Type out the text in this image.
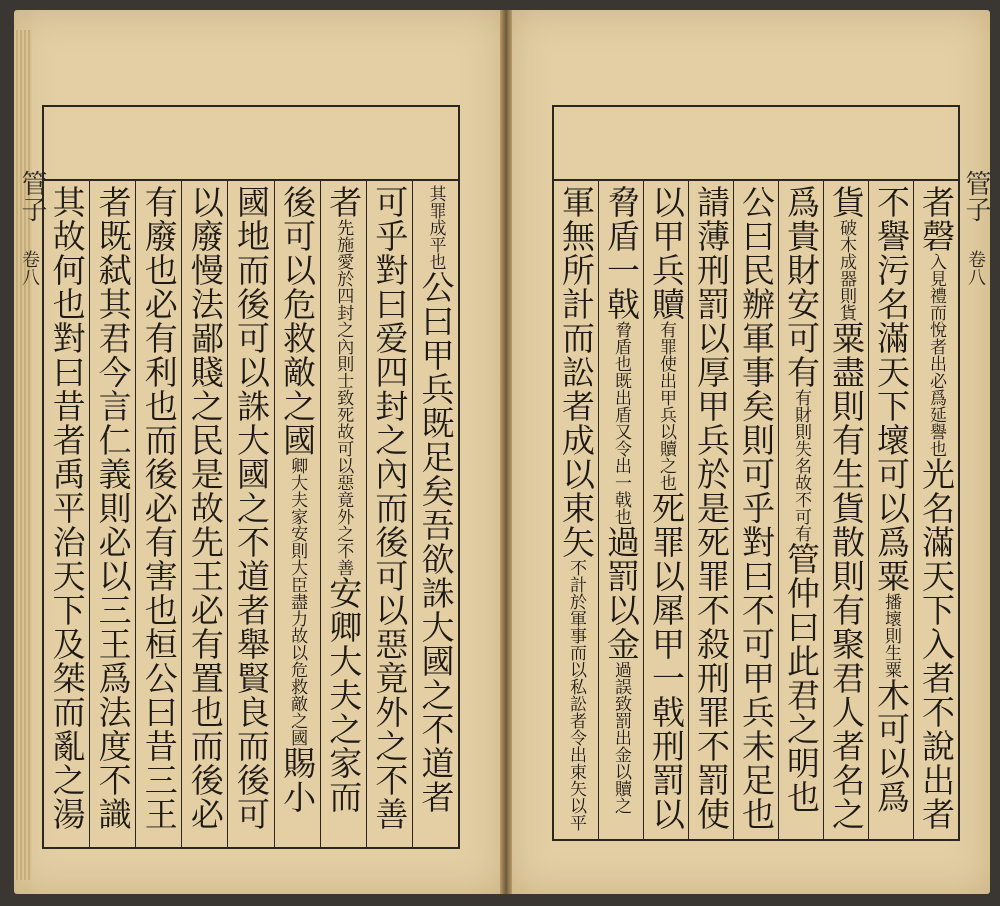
者磬
入見禮而悅者出必爲延譽也
光名滿天下入者不說出者
不譽污名滿天下壞可以爲粟
播壞則生粟
木可以爲
貨
破木成器則貨
粟盡則有生貨散則有聚君人者名之
爲貴財安可有
有財則失名故不可有
管仲曰此君之明也
公曰民辦軍事矣則可乎對曰不可甲兵未足也
請薄刑罰以厚甲兵於是死罪不殺刑罪不罰使
以甲兵贖
有罪使出甲兵以贖之也
死罪以犀甲一戟刑罰以
脅盾一戟
脅盾也既出盾又令出一戟也
過罰以金
過誤致罰出金以贖之
軍無所計而訟者成以束矢
不計於軍事而以私訟者令出束矢以平
管子
卷八
其罪成平也
公曰甲兵既足矣吾欲誅大國之不道者
可乎對曰爱四封之內而後可以惡竟外之不善
者
先施愛於四封之內則士致死故可以惡竟外之不善
安卿大夫之家而
後可以危救敵之國
卿大夫家安則大臣盡力故以危救敵之國
賜小
國地而後可以誅大國之不道者舉賢良而後可
以廢慢法鄙賤之民是故先王必有置也而後必
有廢也必有利也而後必有害也桓公曰昔三王
者既弑其君今言仁義則必以三王爲法度不識
其故何也對曰昔者禹平治天下及桀而亂之湯
管子
卷八
